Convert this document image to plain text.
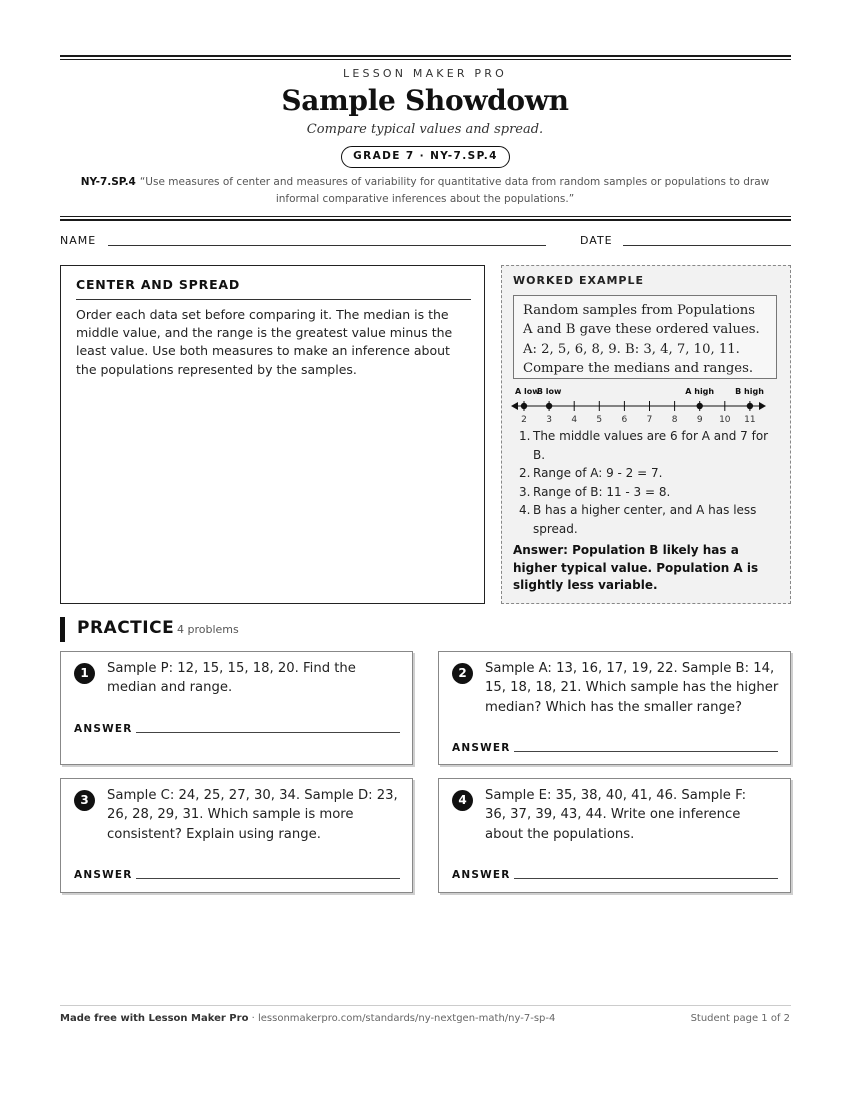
LESSON MAKER PRO
Sample Showdown
Compare typical values and spread.
GRADE 7 · NY-7.SP.4
NY-7.SP.4 “Use measures of center and measures of variability for quantitative data from random samples or populations to draw informal comparative inferences about the populations.”
NAME	DATE
CENTER AND SPREAD
Order each data set before comparing it. The median is the middle value, and the range is the greatest value minus the least value. Use both measures to make an inference about the populations represented by the samples.
WORKED EXAMPLE
Random samples from Populations A and B gave these ordered values. A: 2, 5, 6, 8, 9. B: 3, 4, 7, 10, 11. Compare the medians and ranges.
2 3 4 5 6 7 8 9 10 11
A low
B low	A high	B high
1. The middle values are 6 for A and 7 for B.
2. Range of A: 9 - 2 = 7.
3. Range of B: 11 - 3 = 8.
4. B has a higher center, and A has less spread.
Answer: Population B likely has a higher typical value. Population A is slightly less variable.
PRACTICE 4 problems
1	Sample P: 12, 15, 15, 18, 20. Find the median and range.
ANSWER
2	Sample A: 13, 16, 17, 19, 22. Sample B: 14, 15, 18, 18, 21. Which sample has the higher median? Which has the smaller range?
ANSWER
3	Sample C: 24, 25, 27, 30, 34. Sample D: 23, 26, 28, 29, 31. Which sample is more consistent? Explain using range.
ANSWER
4	Sample E: 35, 38, 40, 41, 46. Sample F: 36, 37, 39, 43, 44. Write one inference about the populations.
ANSWER
Made free with Lesson Maker Pro · lessonmakerpro.com/standards/ny-nextgen-math/ny-7-sp-4	Student page 1 of 2
